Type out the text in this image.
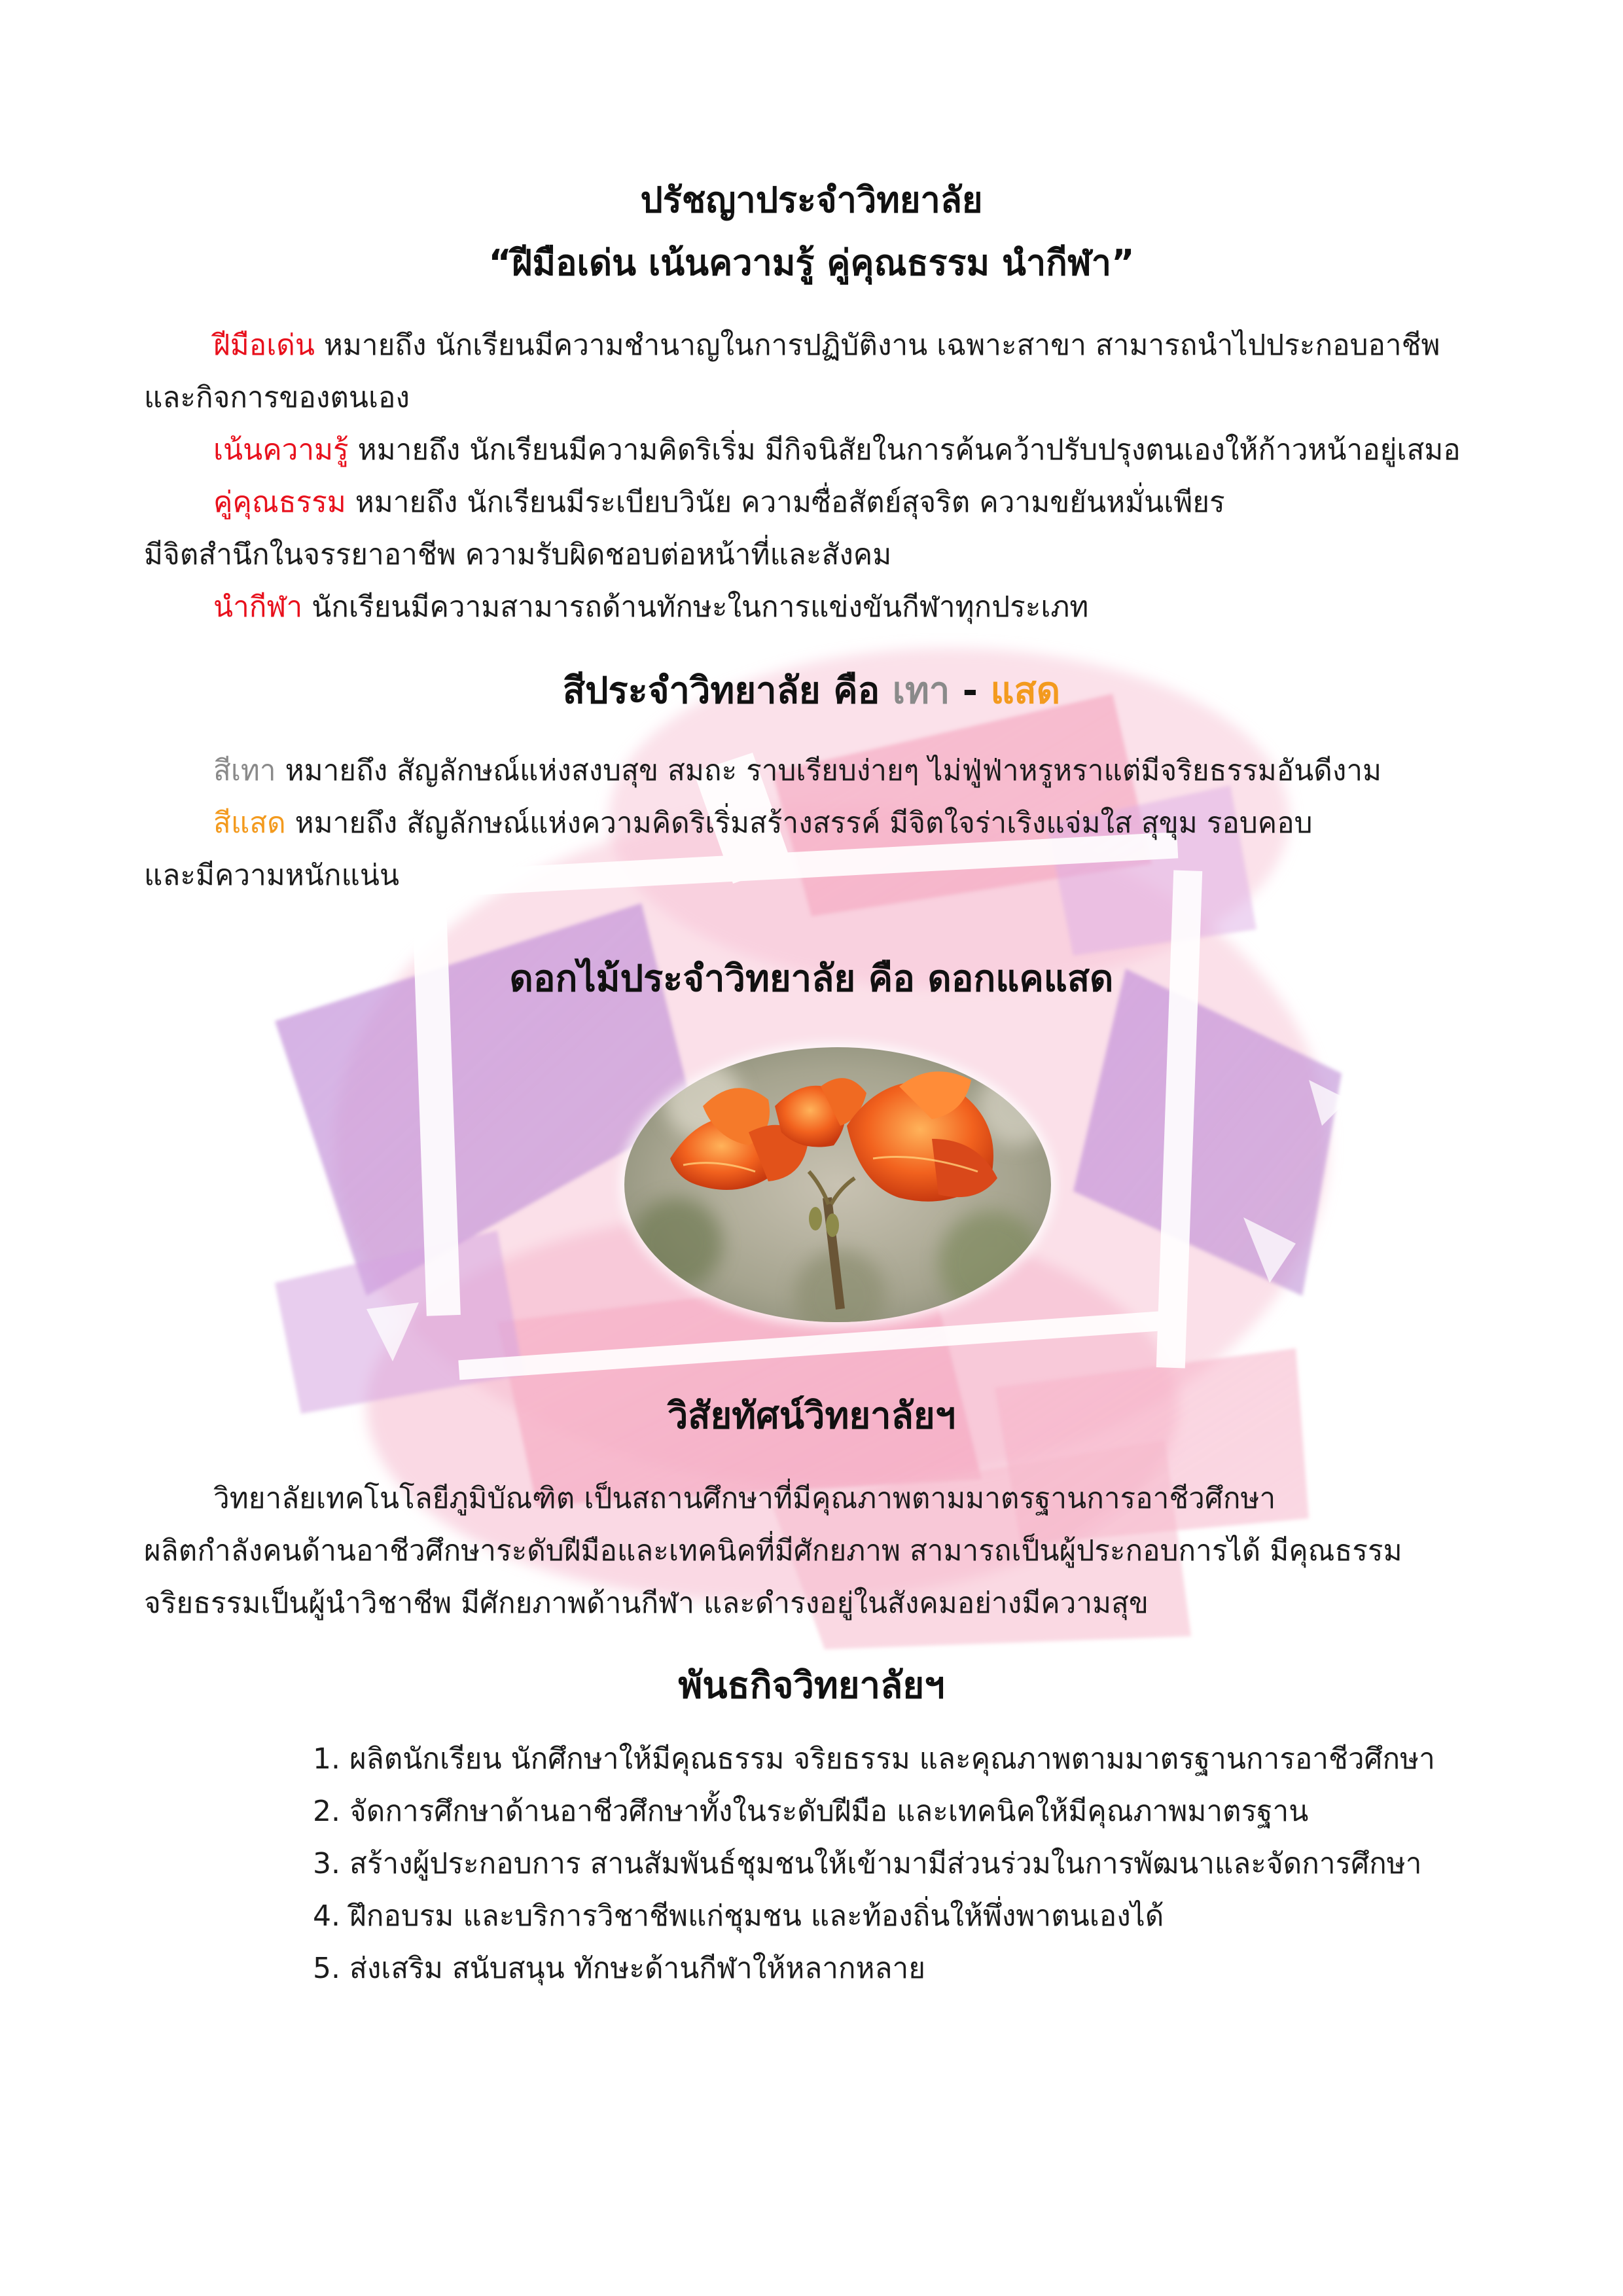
ปรัชญาประจำวิทยาลัย
“ฝีมือเด่น เน้นความรู้ คู่คุณธรรม นำกีฬา”
ฝีมือเด่น หมายถึง นักเรียนมีความชำนาญในการปฏิบัติงาน เฉพาะสาขา สามารถนำไปประกอบอาชีพ
และกิจการของตนเอง
เน้นความรู้ หมายถึง นักเรียนมีความคิดริเริ่ม มีกิจนิสัยในการค้นคว้าปรับปรุงตนเองให้ก้าวหน้าอยู่เสมอ
คู่คุณธรรม หมายถึง นักเรียนมีระเบียบวินัย ความซื่อสัตย์สุจริต ความขยันหมั่นเพียร
มีจิตสำนึกในจรรยาอาชีพ ความรับผิดชอบต่อหน้าที่และสังคม
นำกีฬา นักเรียนมีความสามารถด้านทักษะในการแข่งขันกีฬาทุกประเภท
สีประจำวิทยาลัย คือ เทา - แสด
สีเทา หมายถึง สัญลักษณ์แห่งสงบสุข สมถะ ราบเรียบง่ายๆ ไม่ฟู่ฟ่าหรูหราแต่มีจริยธรรมอันดีงาม
สีแสด หมายถึง สัญลักษณ์แห่งความคิดริเริ่มสร้างสรรค์ มีจิตใจร่าเริงแจ่มใส สุขุม รอบคอบ
และมีความหนักแน่น
ดอกไม้ประจำวิทยาลัย คือ ดอกแคแสด
วิสัยทัศน์วิทยาลัยฯ
วิทยาลัยเทคโนโลยีภูมิบัณฑิต เป็นสถานศึกษาที่มีคุณภาพตามมาตรฐานการอาชีวศึกษา
ผลิตกำลังคนด้านอาชีวศึกษาระดับฝีมือและเทคนิคที่มีศักยภาพ สามารถเป็นผู้ประกอบการได้ มีคุณธรรม
จริยธรรมเป็นผู้นำวิชาชีพ มีศักยภาพด้านกีฬา และดำรงอยู่ในสังคมอย่างมีความสุข
พันธกิจวิทยาลัยฯ
1. ผลิตนักเรียน นักศึกษาให้มีคุณธรรม จริยธรรม และคุณภาพตามมาตรฐานการอาชีวศึกษา
2. จัดการศึกษาด้านอาชีวศึกษาทั้งในระดับฝีมือ และเทคนิคให้มีคุณภาพมาตรฐาน
3. สร้างผู้ประกอบการ สานสัมพันธ์ชุมชนให้เข้ามามีส่วนร่วมในการพัฒนาและจัดการศึกษา
4. ฝึกอบรม และบริการวิชาชีพแก่ชุมชน และท้องถิ่นให้พึ่งพาตนเองได้
5. ส่งเสริม สนับสนุน ทักษะด้านกีฬาให้หลากหลาย
